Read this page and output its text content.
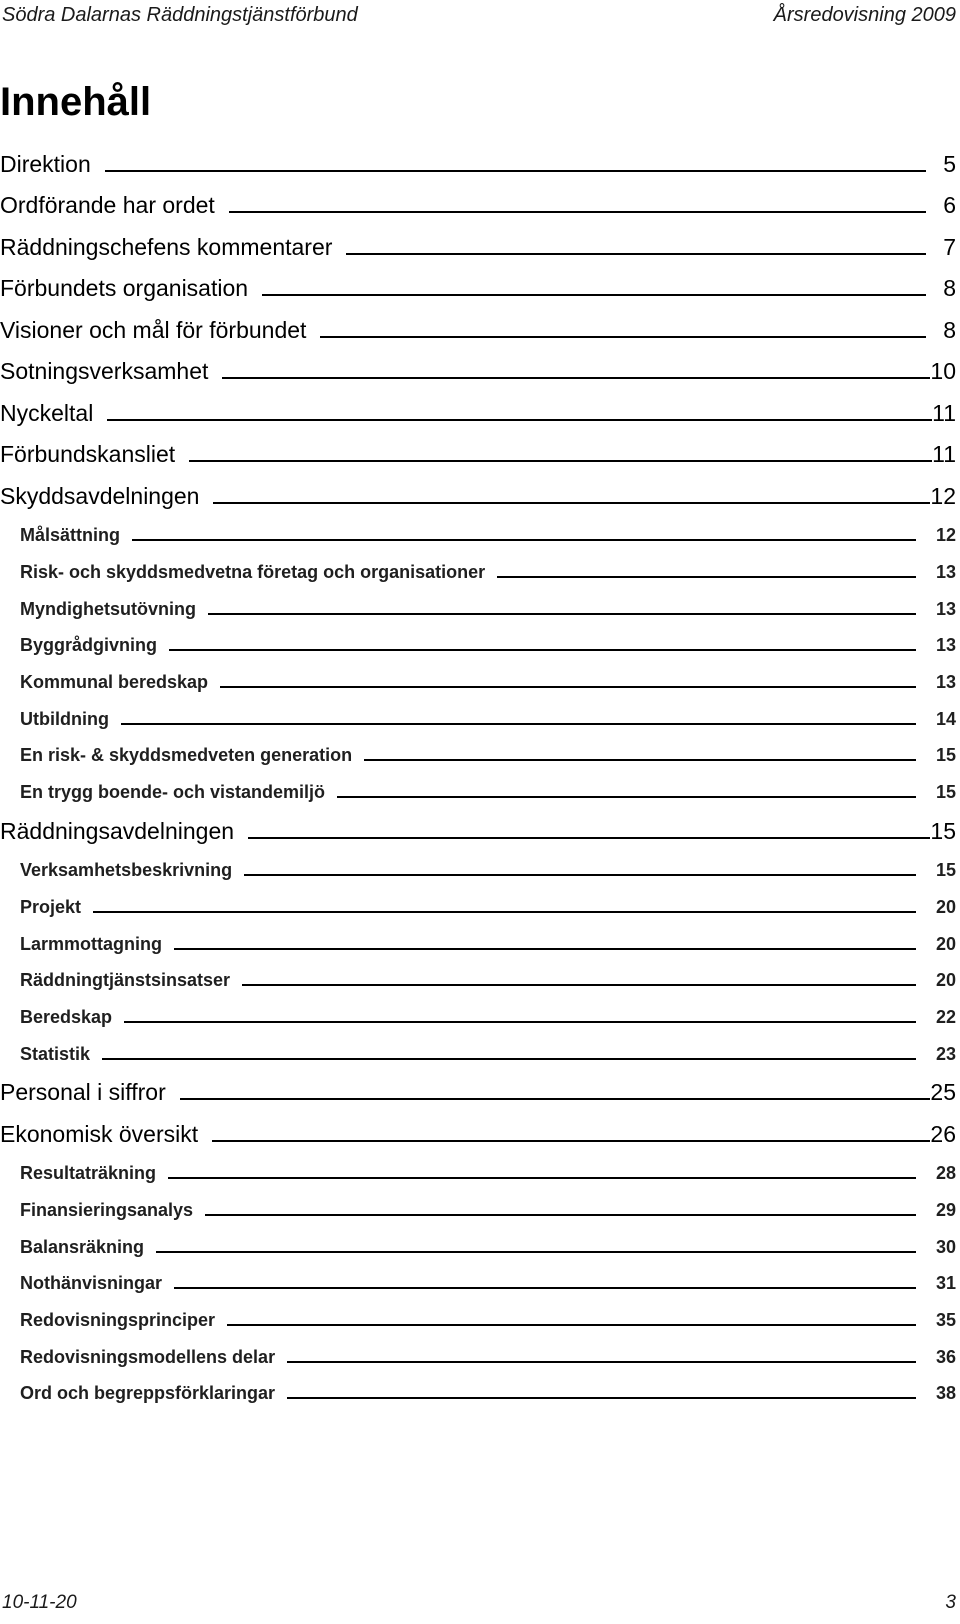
Södra Dalarnas Räddningstjänstförbund	Årsredovisning 2009
Innehåll
Direktion	5
Ordförande har ordet	6
Räddningschefens kommentarer	7
Förbundets organisation	8
Visioner och mål för förbundet	8
Sotningsverksamhet	10
Nyckeltal	11
Förbundskansliet	11
Skyddsavdelningen	12
Målsättning	12
Risk- och skyddsmedvetna företag och organisationer	13
Myndighetsutövning	13
Byggrådgivning	13
Kommunal beredskap	13
Utbildning	14
En risk- & skyddsmedveten generation	15
En trygg boende- och vistandemiljö	15
Räddningsavdelningen	15
Verksamhetsbeskrivning	15
Projekt	20
Larmmottagning	20
Räddningtjänstsinsatser	20
Beredskap	22
Statistik	23
Personal i siffror	25
Ekonomisk översikt	26
Resultaträkning	28
Finansieringsanalys	29
Balansräkning	30
Nothänvisningar	31
Redovisningsprinciper	35
Redovisningsmodellens delar	36
Ord och begreppsförklaringar	38
10-11-20	3
